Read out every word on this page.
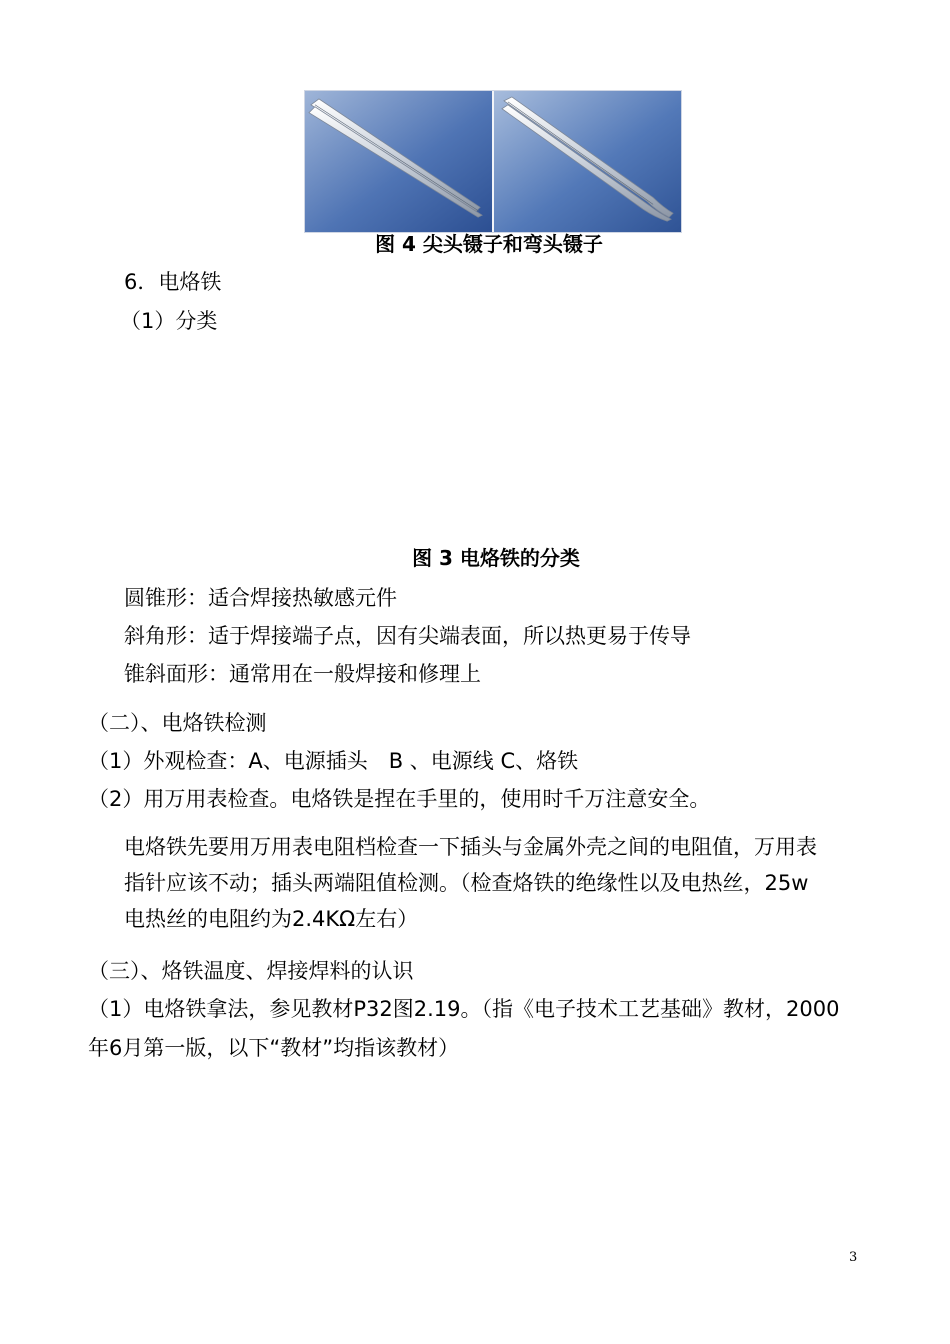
图 4 尖头镊子和弯头镊子
6．电烙铁
（1）分类
图 3 电烙铁的分类
圆锥形：适合焊接热敏感元件
斜角形：适于焊接端子点，因有尖端表面，所以热更易于传导
锥斜面形：通常用在一般焊接和修理上
（二）、电烙铁检测
（1）外观检查：A、电源插头　B 、电源线 C、烙铁
（2）用万用表检查。电烙铁是捏在手里的，使用时千万注意安全。
电烙铁先要用万用表电阻档检查一下插头与金属外壳之间的电阻值，万用表
指针应该不动；插头两端阻值检测。（检查烙铁的绝缘性以及电热丝，25w
电热丝的电阻约为2.4KΩ左右）
（三）、烙铁温度、焊接焊料的认识
（1）电烙铁拿法，参见教材P32图2.19。（指《电子技术工艺基础》教材，2000
年6月第一版，以下“教材”均指该教材）
3
